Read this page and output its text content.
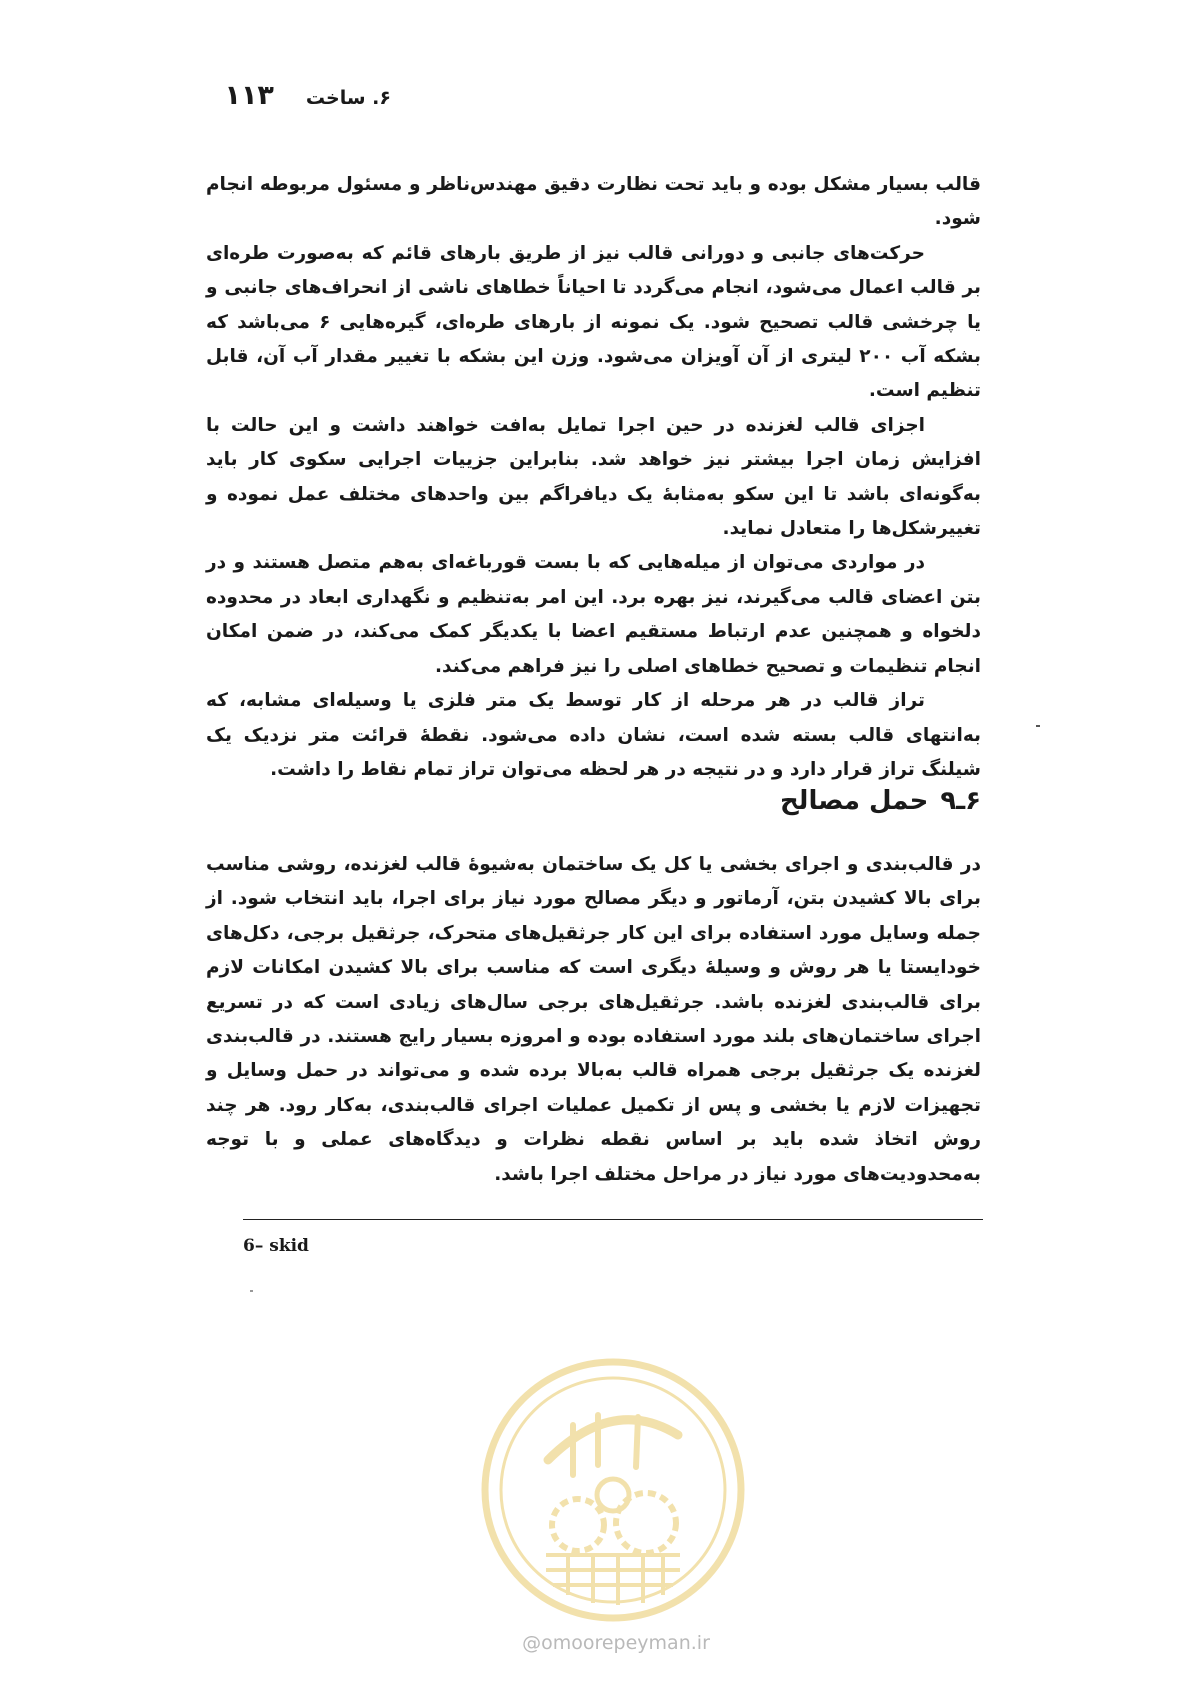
۶. ساخت
۱۱۳

قالب بسیار مشکل بوده و باید تحت نظارت دقیق مهندس‌ناظر و مسئول مربوطه انجام شود.

حرکت‌های جانبی و دورانی قالب نیز از طریق بارهای قائم که به‌صورت طره‌ای بر قالب اعمال می‌شود، انجام می‌گردد تا احیاناً خطاهای ناشی از انحراف‌های جانبی و یا چرخشی قالب تصحیح شود. یک نمونه از بارهای طره‌ای، گیره‌هایی ۶ می‌باشد که بشکه آب ۲۰۰ لیتری از آن آویزان می‌شود. وزن این بشکه با تغییر مقدار آب آن، قابل تنظیم است.

اجزای قالب لغزنده در حین اجرا تمایل به‌افت خواهند داشت و این حالت با افزایش زمان اجرا بیشتر نیز خواهد شد. بنابراین جزییات اجرایی سکوی کار باید به‌گونه‌ای باشد تا این سکو به‌مثابهٔ یک دیافراگم بین واحدهای مختلف عمل نموده و تغییرشکل‌ها را متعادل نماید.

در مواردی می‌توان از میله‌هایی که با بست قورباغه‌ای به‌هم متصل هستند و در بتن اعضای قالب می‌گیرند، نیز بهره برد. این امر به‌تنظیم و نگهداری ابعاد در محدوده دلخواه و همچنین عدم ارتباط مستقیم اعضا با یکدیگر کمک می‌کند، در ضمن امکان انجام تنظیمات و تصحیح خطاهای اصلی را نیز فراهم می‌کند.

تراز قالب در هر مرحله از کار توسط یک متر فلزی یا وسیله‌ای مشابه، که به‌انتهای قالب بسته شده است، نشان داده می‌شود. نقطهٔ قرائت متر نزدیک یک شیلنگ تراز قرار دارد و در نتیجه در هر لحظه می‌توان تراز تمام نقاط را داشت.

۶ـ۹
حمل مصالح

در قالب‌بندی و اجرای بخشی یا کل یک ساختمان به‌شیوهٔ قالب لغزنده، روشی مناسب برای بالا کشیدن بتن، آرماتور و دیگر مصالح مورد نیاز برای اجرا، باید انتخاب شود. از جمله وسایل مورد استفاده برای این کار جرثقیل‌های متحرک، جرثقیل برجی، دکل‌های خودایستا یا هر روش و وسیلهٔ دیگری است که مناسب برای بالا کشیدن امکانات لازم برای قالب‌بندی لغزنده باشد. جرثقیل‌های برجی سال‌های زیادی است که در تسریع اجرای ساختمان‌های بلند مورد استفاده بوده و امروزه بسیار رایج هستند. در قالب‌بندی لغزنده یک جرثقیل برجی همراه قالب به‌بالا برده شده و می‌تواند در حمل وسایل و تجهیزات لازم یا بخشی و پس از تکمیل عملیات اجرای قالب‌بندی، به‌کار رود. هر چند روش اتخاذ شده باید بر اساس نقطه نظرات و دیدگاه‌های عملی و با توجه به‌محدودیت‌های مورد نیاز در مراحل مختلف اجرا باشد.

6– skid
@omoorepeyman.ir
